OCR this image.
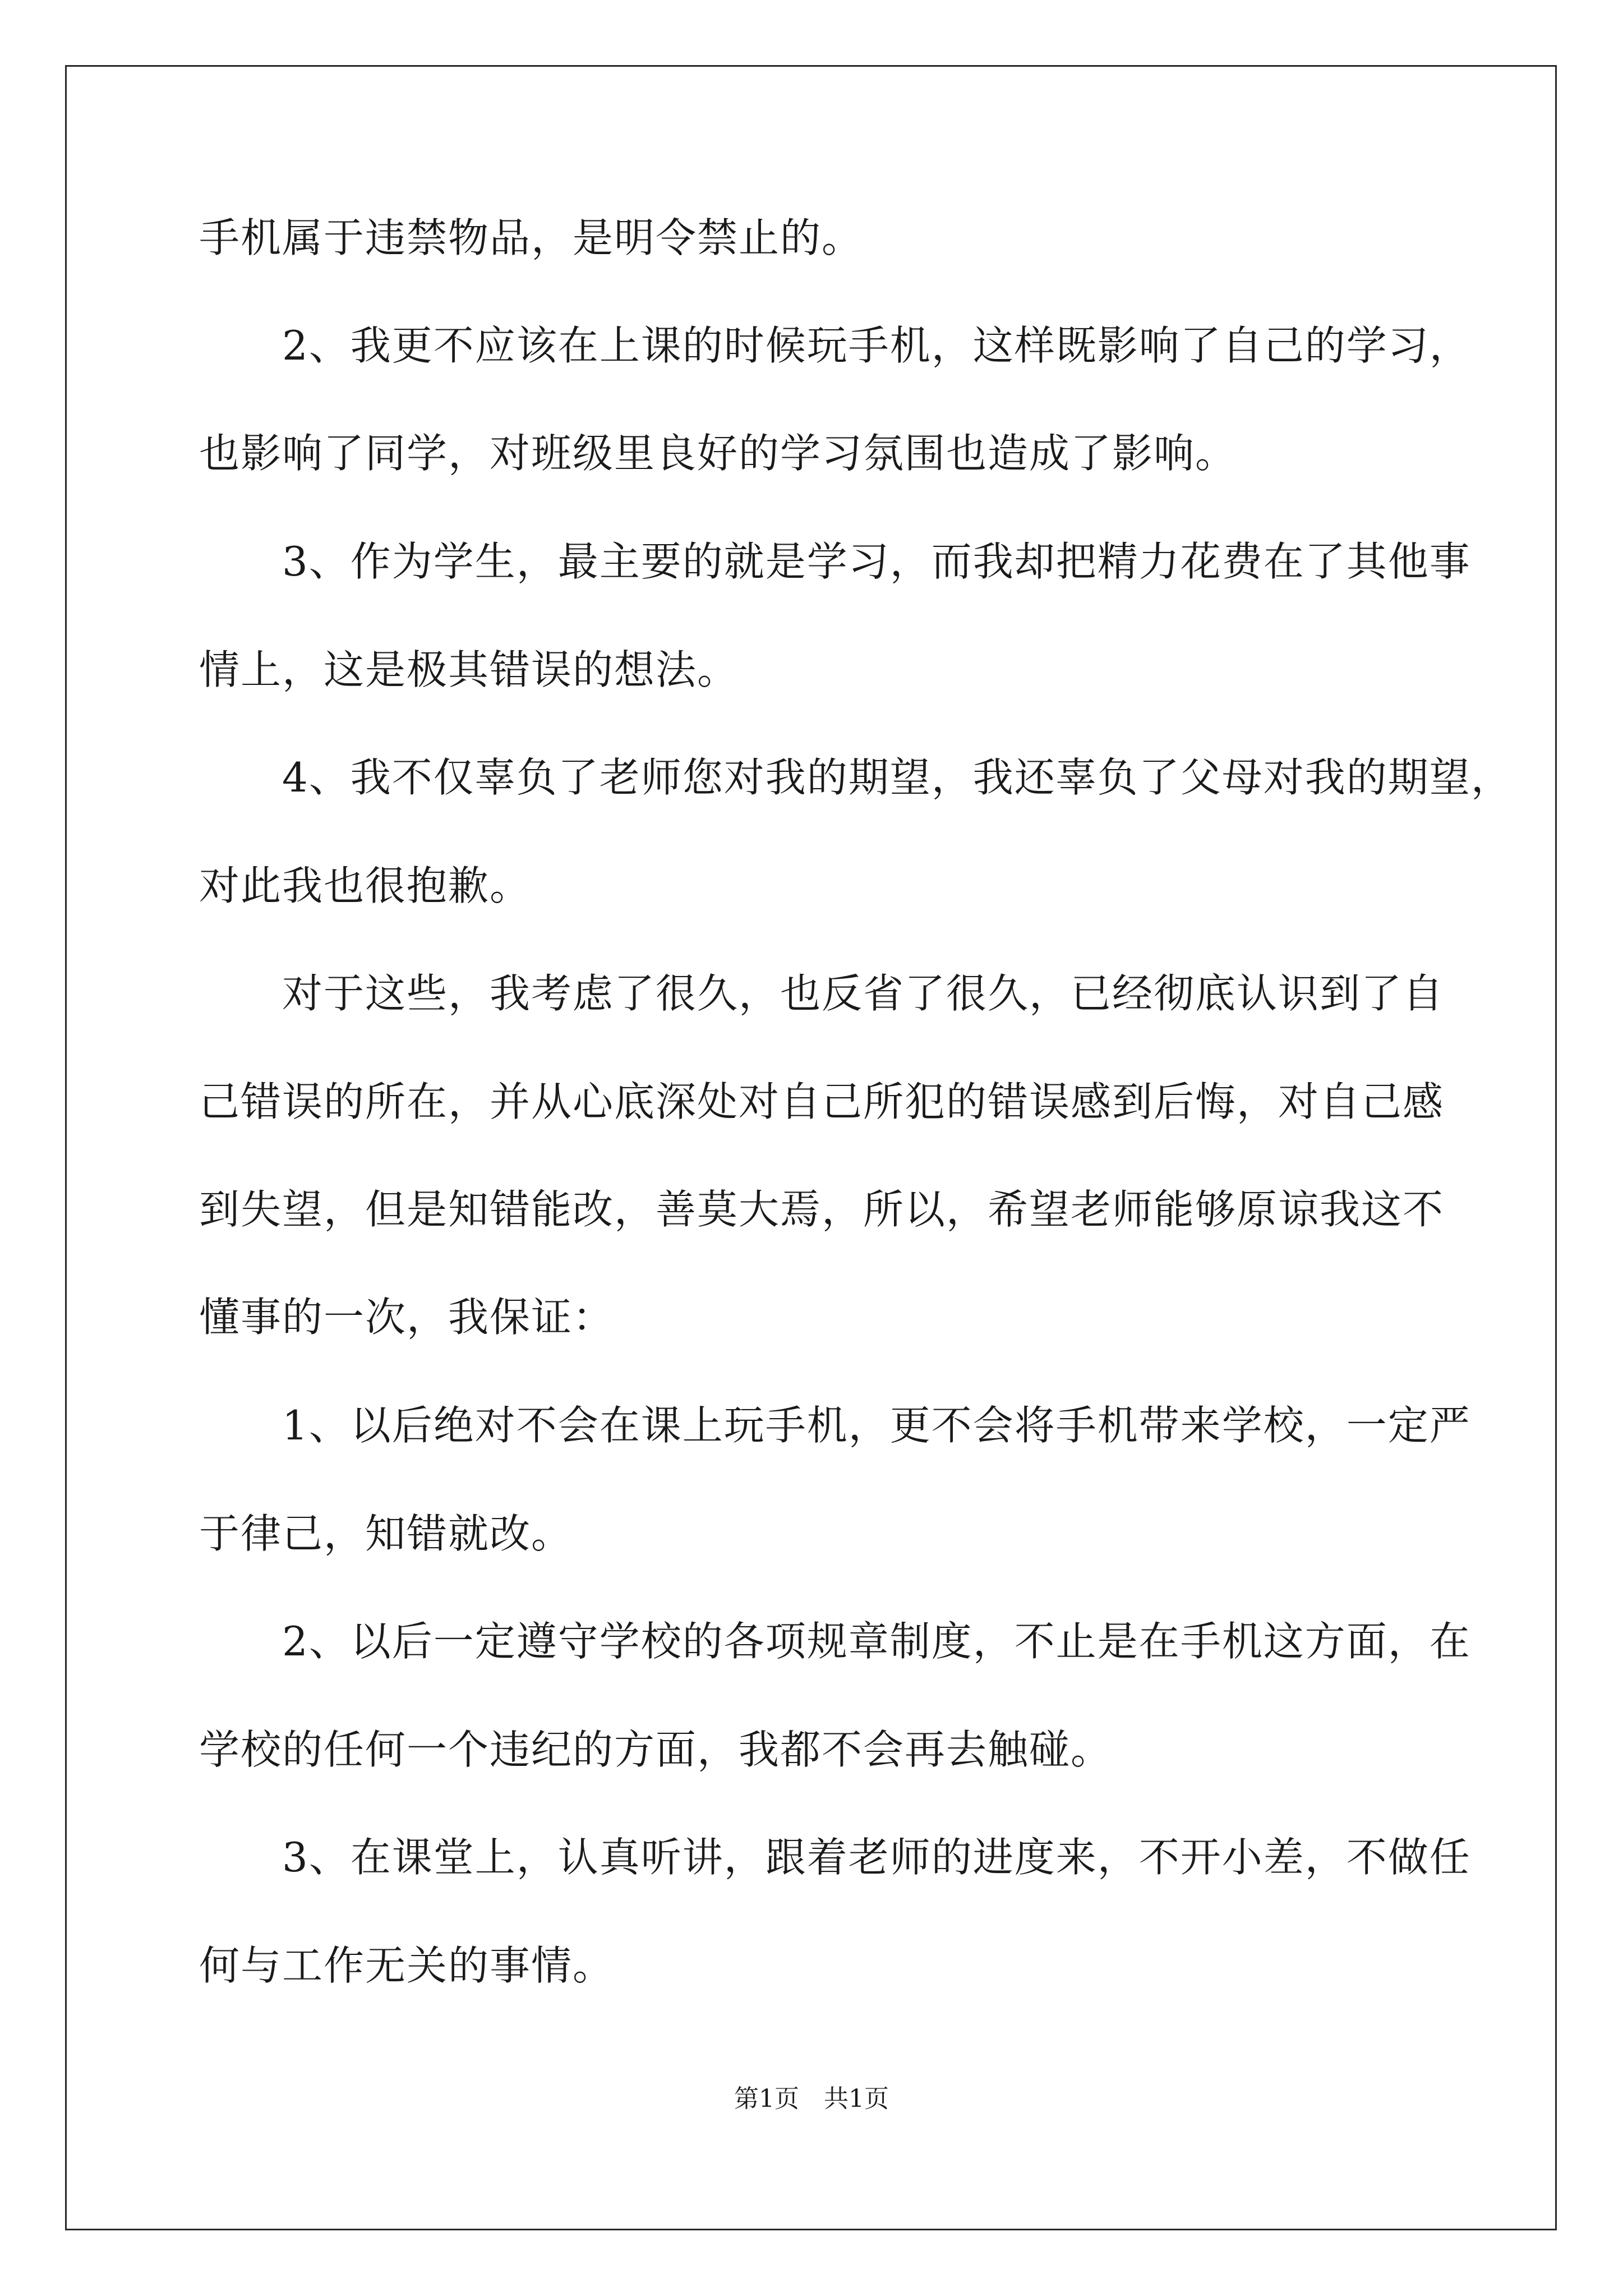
手机属于违禁物品，是明令禁止的。
　　2、我更不应该在上课的时候玩手机，这样既影响了自己的学习，
也影响了同学，对班级里良好的学习氛围也造成了影响。
　　3、作为学生，最主要的就是学习，而我却把精力花费在了其他事
情上，这是极其错误的想法。
　　4、我不仅辜负了老师您对我的期望，我还辜负了父母对我的期望，
对此我也很抱歉。
　　对于这些，我考虑了很久，也反省了很久，已经彻底认识到了自
己错误的所在，并从心底深处对自己所犯的错误感到后悔，对自己感
到失望，但是知错能改，善莫大焉，所以，希望老师能够原谅我这不
懂事的一次，我保证：
　　1、以后绝对不会在课上玩手机，更不会将手机带来学校，一定严
于律己，知错就改。
　　2、以后一定遵守学校的各项规章制度，不止是在手机这方面，在
学校的任何一个违纪的方面，我都不会再去触碰。
　　3、在课堂上，认真听讲，跟着老师的进度来，不开小差，不做任
何与工作无关的事情。
第1页　共1页
